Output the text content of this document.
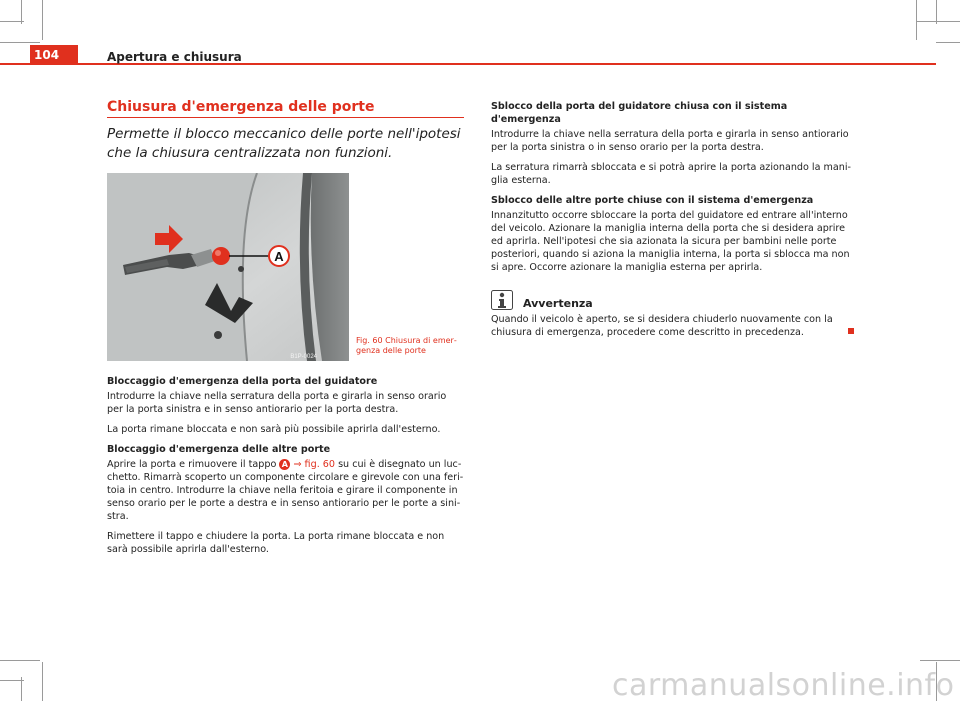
104	Apertura e chiusura
Chiusura d'emergenza delle porte
Permette il blocco meccanico delle porte nell'ipotesi che la chiusura centralizzata non funzioni.
A
B1P-0024
Fig. 60 Chiusura di emergenza delle porte

Bloccaggio d'emergenza della porta del guidatore

Introdurre la chiave nella serratura della porta e girarla in senso orario per la porta sinistra e in senso antiorario per la porta destra.

La porta rimane bloccata e non sarà più possibile aprirla dall'esterno.

Bloccaggio d'emergenza delle altre porte

Aprire la porta e rimuovere il tappo A ⇒ fig. 60 su cui è disegnato un lucchetto. Rimarrà scoperto un componente circolare e girevole con una feritoia in centro. Introdurre la chiave nella feritoia e girare il componente in senso orario per le porte a destra e in senso antiorario per le porte a sinistra.

Rimettere il tappo e chiudere la porta. La porta rimane bloccata e non sarà possibile aprirla dall'esterno.

Sblocco della porta del guidatore chiusa con il sistema d'emergenza

Introdurre la chiave nella serratura della porta e girarla in senso antiorario per la porta sinistra o in senso orario per la porta destra.

La serratura rimarrà sbloccata e si potrà aprire la porta azionando la maniglia esterna.

Sblocco delle altre porte chiuse con il sistema d'emergenza

Innanzitutto occorre sbloccare la porta del guidatore ed entrare all'interno del veicolo. Azionare la maniglia interna della porta che si desidera aprire ed aprirla. Nell'ipotesi che sia azionata la sicura per bambini nelle porte posteriori, quando si aziona la maniglia interna, la porta si sblocca ma non si apre. Occorre azionare la maniglia esterna per aprirla.

Avvertenza

Quando il veicolo è aperto, se si desidera chiuderlo nuovamente con la chiusura di emergenza, procedere come descritto in precedenza.

carmanualsonline.info
